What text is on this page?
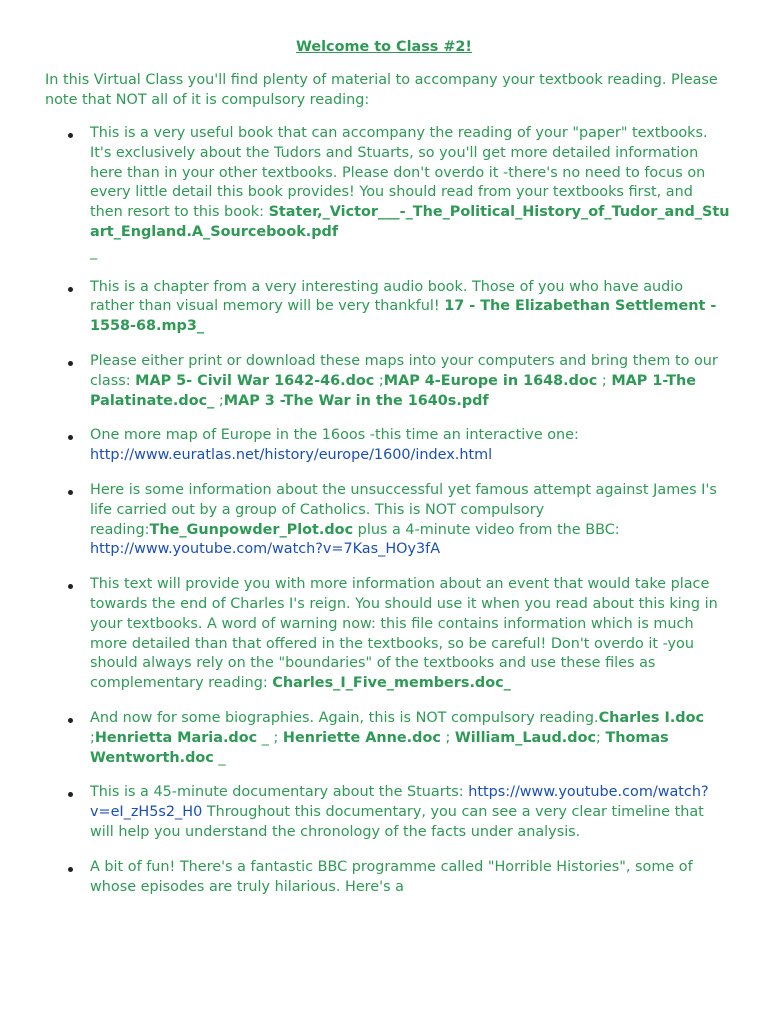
Welcome to Class #2!

In this Virtual Class you'll find plenty of material to accompany your textbook reading. Please note that NOT all of it is compulsory reading:

This is a very useful book that can accompany the reading of your "paper" textbooks. It's exclusively about the Tudors and Stuarts, so you'll get more detailed information here than in your other textbooks. Please don't overdo it -there's no need to focus on every little detail this book provides! You should read from your textbooks first, and then resort to this book: Stater,_Victor___-_The_Political_History_of_Tudor_and_Stuart_England.A_Sourcebook.pdf
_
This is a chapter from a very interesting audio book. Those of you who have audio rather than visual memory will be very thankful! 17 - The Elizabethan Settlement - 1558-68.mp3_
Please either print or download these maps into your computers and bring them to our class: MAP 5- Civil War 1642-46.doc ;MAP 4-Europe in 1648.doc ; MAP 1-The Palatinate.doc_ ;MAP 3 -The War in the 1640s.pdf
One more map of Europe in the 16oos -this time an interactive one: http://www.euratlas.net/history/europe/1600/index.html
Here is some information about the unsuccessful yet famous attempt against James I's life carried out by a group of Catholics. This is NOT compulsory reading:The_Gunpowder_Plot.doc plus a 4-minute video from the BBC: http://www.youtube.com/watch?v=7Kas_HOy3fA
This text will provide you with more information about an event that would take place towards the end of Charles I's reign. You should use it when you read about this king in your textbooks. A word of warning now: this file contains information which is much more detailed than that offered in the textbooks, so be careful! Don't overdo it -you should always rely on the "boundaries" of the textbooks and use these files as complementary reading: Charles_I_Five_members.doc_
And now for some biographies. Again, this is NOT compulsory reading.Charles I.doc ;Henrietta Maria.doc _ ; Henriette Anne.doc ; William_Laud.doc; Thomas Wentworth.doc _
This is a 45-minute documentary about the Stuarts: https://www.youtube.com/watch?v=eI_zH5s2_H0 Throughout this documentary, you can see a very clear timeline that will help you understand the chronology of the facts under analysis.
A bit of fun! There's a fantastic BBC programme called "Horrible Histories", some of whose episodes are truly hilarious. Here's a
